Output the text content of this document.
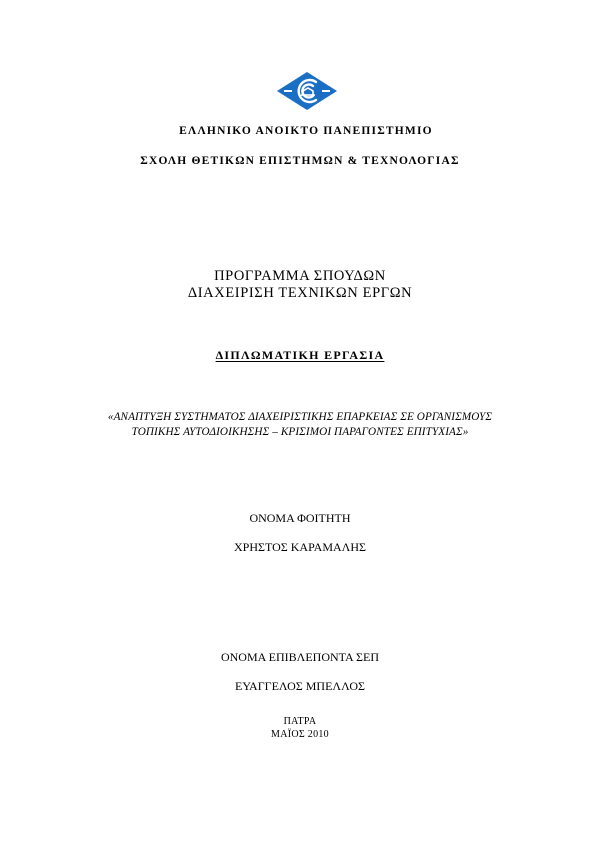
ΕΛΛΗΝΙΚΟ ΑΝΟΙΚΤΟ ΠΑΝΕΠΙΣΤΗΜΙΟ
ΣΧΟΛΗ ΘΕΤΙΚΩΝ ΕΠΙΣΤΗΜΩΝ & ΤΕΧΝΟΛΟΓΙΑΣ
ΠΡΟΓΡΑΜΜΑ ΣΠΟΥΔΩΝ
ΔΙΑΧΕΙΡΙΣΗ ΤΕΧΝΙΚΩΝ ΕΡΓΩΝ
ΔΙΠΛΩΜΑΤΙΚΗ ΕΡΓΑΣΙΑ
«ΑΝΑΠΤΥΞΗ ΣΥΣΤΗΜΑΤΟΣ ΔΙΑΧΕΙΡΙΣΤΙΚΗΣ ΕΠΑΡΚΕΙΑΣ ΣΕ ΟΡΓΑΝΙΣΜΟΥΣ
ΤΟΠΙΚΗΣ ΑΥΤΟΔΙΟΙΚΗΣΗΣ – ΚΡΙΣΙΜΟΙ ΠΑΡΑΓΟΝΤΕΣ ΕΠΙΤΥΧΙΑΣ»
ΟΝΟΜΑ ΦΟΙΤΗΤΗ
ΧΡΗΣΤΟΣ ΚΑΡΑΜΑΛΗΣ
ΟΝΟΜΑ ΕΠΙΒΛΕΠΟΝΤΑ ΣΕΠ
ΕΥΑΓΓΕΛΟΣ ΜΠΕΛΛΟΣ
ΠΑΤΡΑ
ΜΑΪΟΣ 2010
